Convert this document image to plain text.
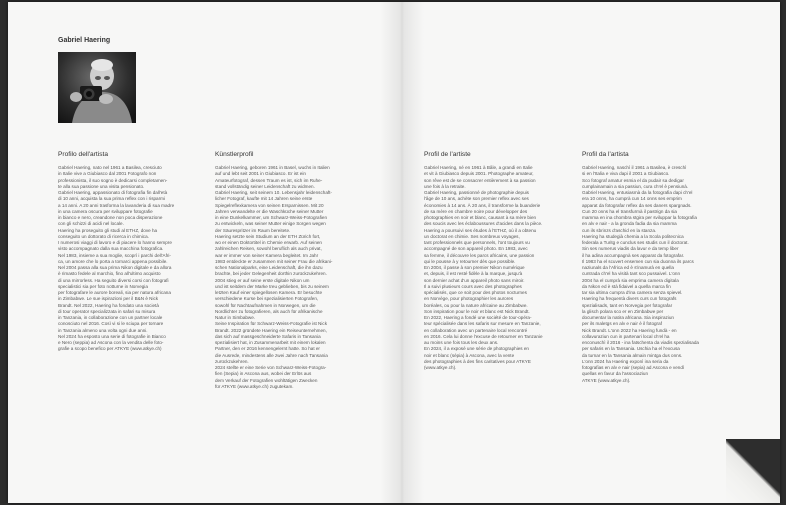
Gabriel Haering
Profilo dell'artista

Gabriel Haering, nato nel 1961 a Basilea, cresciuto
in Italie vive a Giubiasco dal 2001 Fotografo non
professionista, il suo sogno è dedicarsi completamen-
te alla sua passione una visita pensionato.
Gabriel Haering, appassionato di fotografia fin dall'età
di 10 anni, acquista la sua prima reflex con i risparmi
a 14 anni. A 20 anni trasforma la lavanderia di sua madre
in una camera oscura per sviluppare fotografie
in bianco e nero, creandone non poca disperazione
con gli schizzi di acidi nel locale.
Haering ha proseguito gli studi al ETHZ, dove ha
conseguito un dottorato di ricerca in chimica.
I numerosi viaggi di lavoro e di piacere lo hanno sempre
visto accompagnato dalla sua macchina fotografica.
Nel 1983, insieme a sua moglie, scoprì i parchi dell'Afri-
ca, un amore che lo porta a tornarci appena possibile.
Nel 2004 passa alla sua prima Nikon digitale e da allora
è rimasto fedele al marchio, fino all'ultimo acquisto
di una mirrorless. Ha seguito diversi corsi con fotografi
specialistici sia per foto notturne in Norvegia
per fotografare le aurore boreali, sia per natura africana
in Zimbabwe. Le sue ispirazioni per il B&N è Nick
Brandt. Nel 2022, Haering ha fondato una società
di tour operator specializzata in safari su misura
in Tanzania, in collaborazione con un partner locale
conosciuto nel 2016. Così vi si le sciupa per tornare
in Tanzania almeno una volta ogni due anni.
Nel 2024 ha esposto una serie di fotografie in Bianco
e Nero (seppia) ad Ascona con la vendita delle foto-
grafie a scopo benefico per ATKYE (www.atkye.ch)

Künstlerprofil

Gabriel Haering, geboren 1961 in Basel, wuchs in Italien
auf und lebt seit 2001 in Giubiasco. Er ist ein
Amateurfotograf, dessen Traum es ist, sich im Ruhe-
stand vollständig seiner Leidenschaft zu widmen.
Gabriel Haering, seit seinem 10. Lebensjahr leidenschaft-
licher Fotograf, kaufte mit 14 Jahren seine erste
Spiegelreflexkamera von seinen Ersparnissen. Mit 20
Jahren verwandelte er die Waschküche seiner Mutter
in eine Dunkelkammer, um Schwarz-Weiss-Fotografien
zu entwickeln, was seiner Mutter einige Sorgen wegen
der Säurespritzer im Raum bereitete.
Haering setzte sein Studium an der ETH Zürich fort,
wo er einen Doktortitel in Chemie erwarb. Auf seinen
zahlreichen Reisen, sowohl beruflich als auch privat,
war er immer von seiner Kamera begleitet. Im Jahr
1983 entdeckte er zusammen mit seiner Frau die afrikani-
schen Nationalparks, eine Leidenschaft, die ihn dazu
brachte, bei jeder Gelegenheit dorthin zurückzukehren.
2004 stieg er auf seine erste digitale Nikon um
und ist seitdem der Marke treu geblieben, bis zu seinem
letzten Kauf einer spiegellosen Kamera. Er besuchte
verschiedene Kurse bei spezialisierten Fotografen,
sowohl für Nachtaufnahmen in Norwegen, um die
Nordlichter zu fotografieren, als auch für afrikanische
Natur in Simbabwe.
Seine Inspiration für Schwarz-Weiss-Fotografie ist Nick
Brandt. 2022 gründete Haering ein Reiseunternehmen,
das sich auf massgeschneiderte Safaris in Tansania
spezialisiert hat, in Zusammenarbeit mit einem lokalen
Partner, den er 2016 kennengelernt hatte. So hat er
die Ausrede, mindestens alle zwei Jahre nach Tansania
zurückzukehren.
2024 stellte er eine Serie von Schwarz-Weiss-Fotogra-
fien (Sepia) in Ascona aus, wobei der Erlös aus
dem Verkauf der Fotografien wohltätigen Zwecken
für ATKYE (www.atkye.ch) zugutekam.

Profil de l'artiste

Gabriel Haering, né en 1961 à Bâle, a grandi en Italie
et vit à Giubiasco depuis 2001. Photographe amateur,
son rêve est de se consacrer entièrement à sa passion
une fois à la retraite.
Gabriel Haering, passionné de photographie depuis
l'âge de 10 ans, achète son premier reflex avec ses
économies à 14 ans. À 20 ans, il transforme la buanderie
de sa mère en chambre noire pour développer des
photographies en noir et blanc, causant à sa mère bien
des soucis avec les éclaboussures d'acides dans la pièce.
Haering a poursuivi ses études à l'ETHZ, où il a obtenu
un doctorat en chimie. Ses nombreux voyages,
tant professionnels que personnels, l'ont toujours vu
accompagné de son appareil photo. En 1983, avec
sa femme, il découvre les parcs africains, une passion
qui le pousse à y retourner dès que possible.
En 2004, il passe à son premier Nikon numérique
et, depuis, il est resté fidèle à la marque, jusqu'à
son dernier achat d'un appareil photo sans miroir.
Il a suivi plusieurs cours avec des photographes
spécialisés, que ce soit pour des photos nocturnes
en Norvège, pour photographier les aurores
boréales, ou pour la nature africaine au Zimbabwe.
Son inspiration pour le noir et blanc est Nick Brandt.
En 2022, Haering a fondé une société de tour-opéra-
teur spécialisée dans les safaris sur mesure en Tanzanie,
en collaboration avec un partenaire local rencontré
en 2016. Cela lui donne l'excuse de retourner en Tanzanie
au moins une fois tous les deux ans.
En 2024, il a exposé une série de photographies en
noir et blanc (sépia) à Ascona, avec la vente
des photographies à des fins caritatives pour ATKYE
(www.atkye.ch).

Profil da l'artista

Gabriel Haering, naschì il 1961 a Basilea, è creschì
si en l'Italia e viva dapi il 2001 a Giubiasco.
Sco fotograf amatur esmia el da pudair sa dedigar
cumplainamain a sia passiun, cura ch'el è pensiunà.
Gabriel Haering, entusiasmà da la fotografia dapi ch'el
era 10 onns, ha cumprà cun 14 onns ses emprim
apparat da fotografar reflex da ses daners spargnads.
Cun 20 onns ha el transfurmà il pastrign da sia
mamma en ina chombra stgira per sviluppar la fotografia
en alv e nair - a la gronda fadia da sia mamma
cun ils sbrinzs d'aschid en la stanza.
Haering ha studegià chemia a la Scola politecnica
federala a Turitg e cunclus ses studis cun il doctorat.
Sin ses numerus viadis da lavur e da temp liber
il ha adina accumpagnà ses apparat da fotografar.
Il 1983 ha el scuvert ensemen cun sia duonna ils parcs
naziunals da l'Africa ed è s'inamurà en quella
cuntrada ch'el ha visità tant sco pussaivel. L'onn
2004 ha el cumprà sia emprima camera digitala
da Nikon ed è stà fidaivel a quella marca fin
tar sia ultima cumpra d'ina camera senza spievel.
Haering ha frequentà divers curs cun fotografs
spezialisads, tant en Norvegia per fotografar
la glisch polara sco er en Zimbabwe per
documentar la natira africana. Sia inspiraziun
per ils maletgs en alv e nair è il fotograf
Nick Brandt. L'onn 2022 ha Haering fundà - en
collavuraziun cun in partenari local ch'el ha
enconuschì il 2016 - ina fatschenta da viadis spezialisada
per safaris en la Tansania. Uschia ha el l'excusa
da turnar en la Tansania almain mintga dus onns.
L'onn 2024 ha Haering exponì ina seria da
fotografias en alv e nair (sepia) ad Ascona e vendì
quellas en favur da l'associaziun
ATKYE (www.atkye.ch).
